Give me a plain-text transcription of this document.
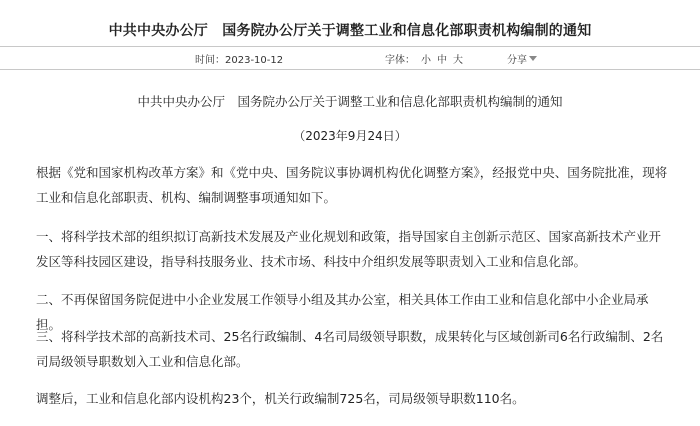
中共中央办公厅　国务院办公厅关于调整工业和信息化部职责机构编制的通知
时间：2023-10-12	字体： 小 中 大	分享
中共中央办公厅　国务院办公厅关于调整工业和信息化部职责机构编制的通知
（2023年9月24日）
根据《党和国家机构改革方案》和《党中央、国务院议事协调机构优化调整方案》，经报党中央、国务院批准，现将工业和信息化部职责、机构、编制调整事项通知如下。
一、将科学技术部的组织拟订高新技术发展及产业化规划和政策，指导国家自主创新示范区、国家高新技术产业开发区等科技园区建设，指导科技服务业、技术市场、科技中介组织发展等职责划入工业和信息化部。
二、不再保留国务院促进中小企业发展工作领导小组及其办公室，相关具体工作由工业和信息化部中小企业局承担。
三、将科学技术部的高新技术司、25名行政编制、4名司局级领导职数，成果转化与区域创新司6名行政编制、2名司局级领导职数划入工业和信息化部。
调整后，工业和信息化部内设机构23个，机关行政编制725名，司局级领导职数110名。
